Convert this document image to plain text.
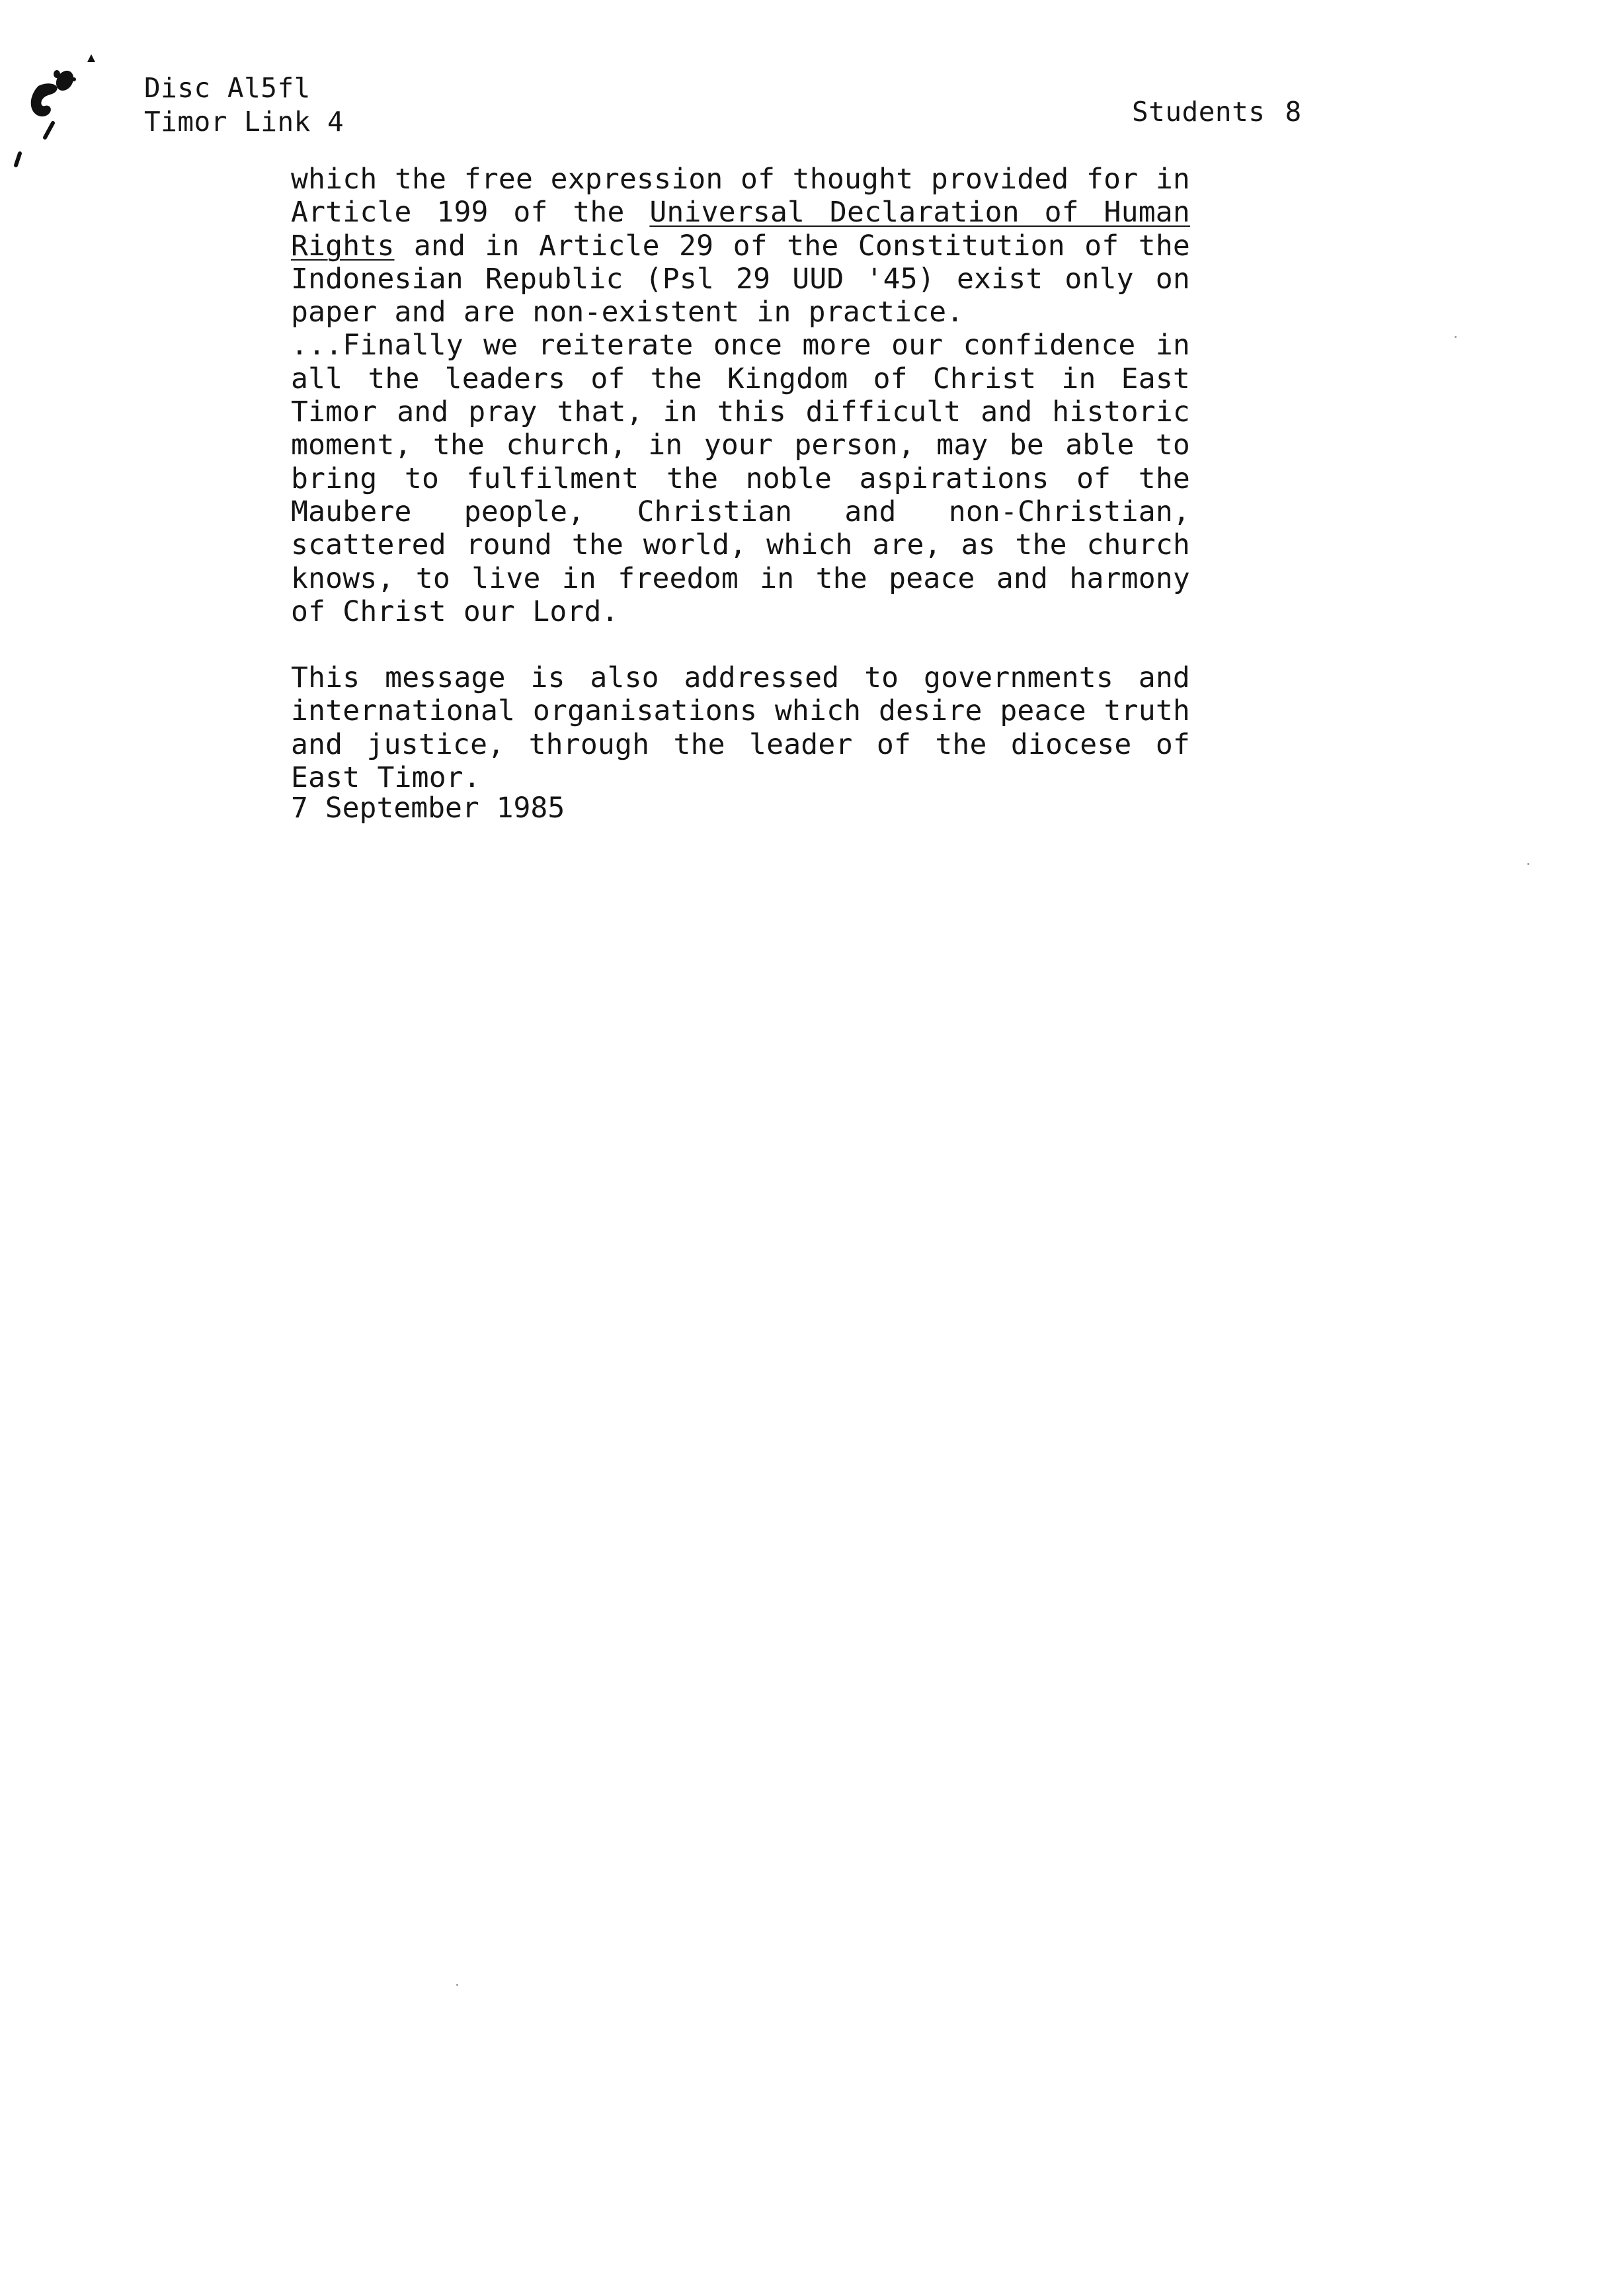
Disc Al5fl
Timor Link 4	Students 8

which the free expression of thought provided for in Article 199 of the Universal Declaration of Human Rights and in Article 29 of the Constitution of the Indonesian Republic (Psl 29 UUD '45) exist only on paper and are non-existent in practice.

...Finally we reiterate once more our confidence in all the leaders of the Kingdom of Christ in East Timor and pray that, in this difficult and historic moment, the church, in your person, may be able to bring to fulfilment the noble aspirations of the Maubere people, Christian and non-Christian, scattered round the world, which are, as the church knows, to live in freedom in the peace and harmony of Christ our Lord.

This message is also addressed to governments and international organisations which desire peace truth and justice, through the leader of the diocese of East Timor.

7 September 1985
